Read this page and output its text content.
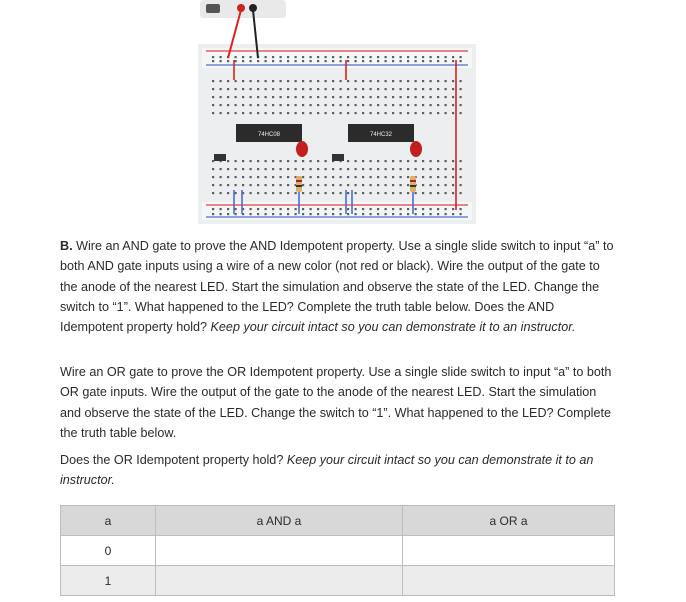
74HC08	74HC32

B. Wire an AND gate to prove the AND Idempotent property. Use a single slide switch to input “a” to both AND gate inputs using a wire of a new color (not red or black). Wire the output of the gate to the anode of the nearest LED. Start the simulation and observe the state of the LED. Change the switch to “1”. What happened to the LED? Complete the truth table below. Does the AND Idempotent property hold? Keep your circuit intact so you can demonstrate it to an instructor.

Wire an OR gate to prove the OR Idempotent property. Use a single slide switch to input “a” to both OR gate inputs. Wire the output of the gate to the anode of the nearest LED. Start the simulation and observe the state of the LED. Change the switch to “1”. What happened to the LED? Complete the truth table below.

Does the OR Idempotent property hold? Keep your circuit intact so you can demonstrate it to an instructor.

a	a AND a	a OR a
0		
1		
